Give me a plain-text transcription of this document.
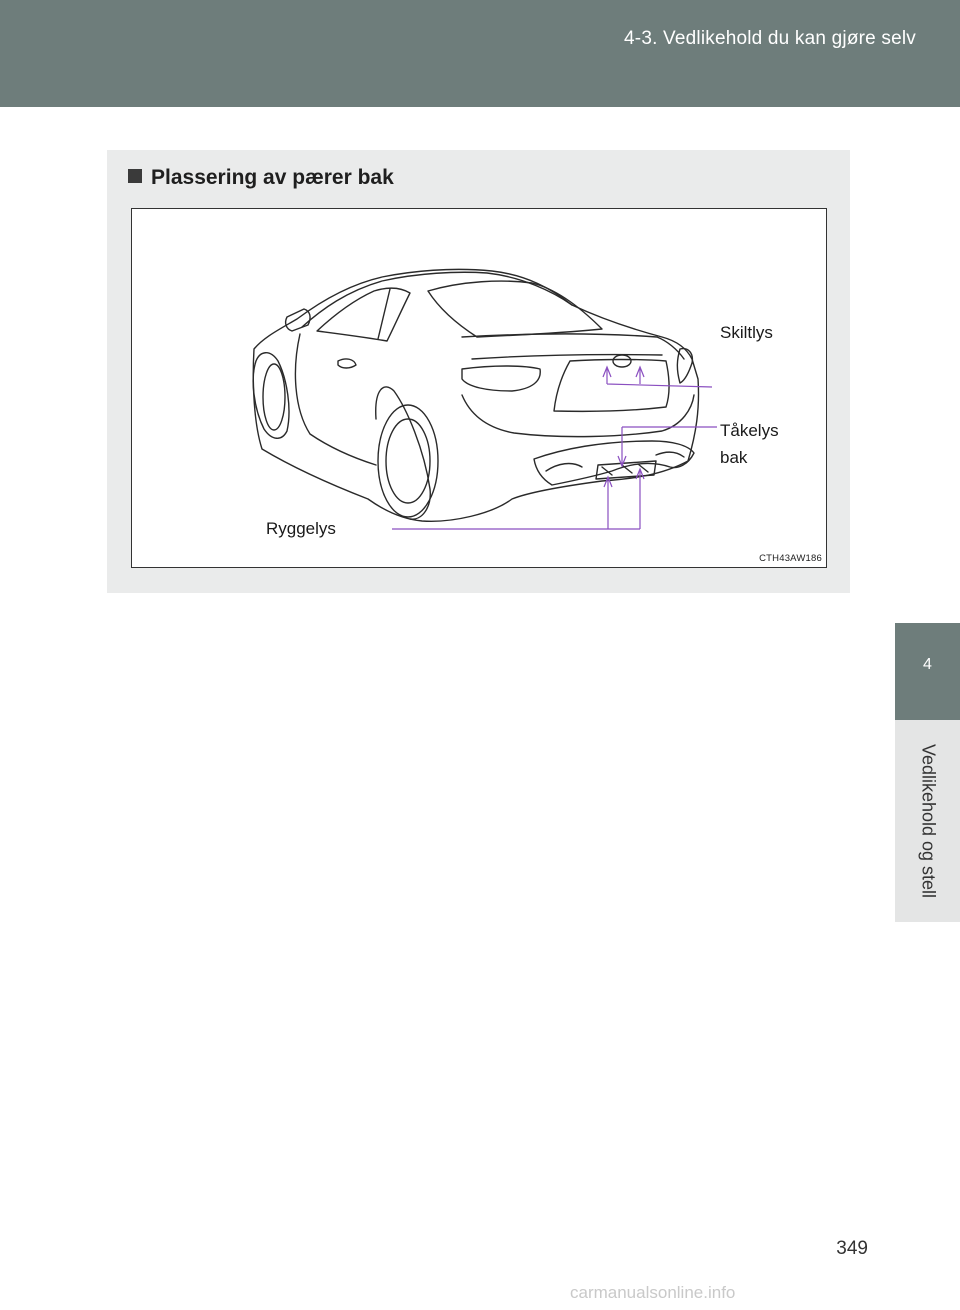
4-3. Vedlikehold du kan gjøre selv
4
Vedlikehold og stell
Plassering av pærer bak
Skiltlys
Tåkelys
bak
Ryggelys
CTH43AW186
349
carmanualsonline.info
